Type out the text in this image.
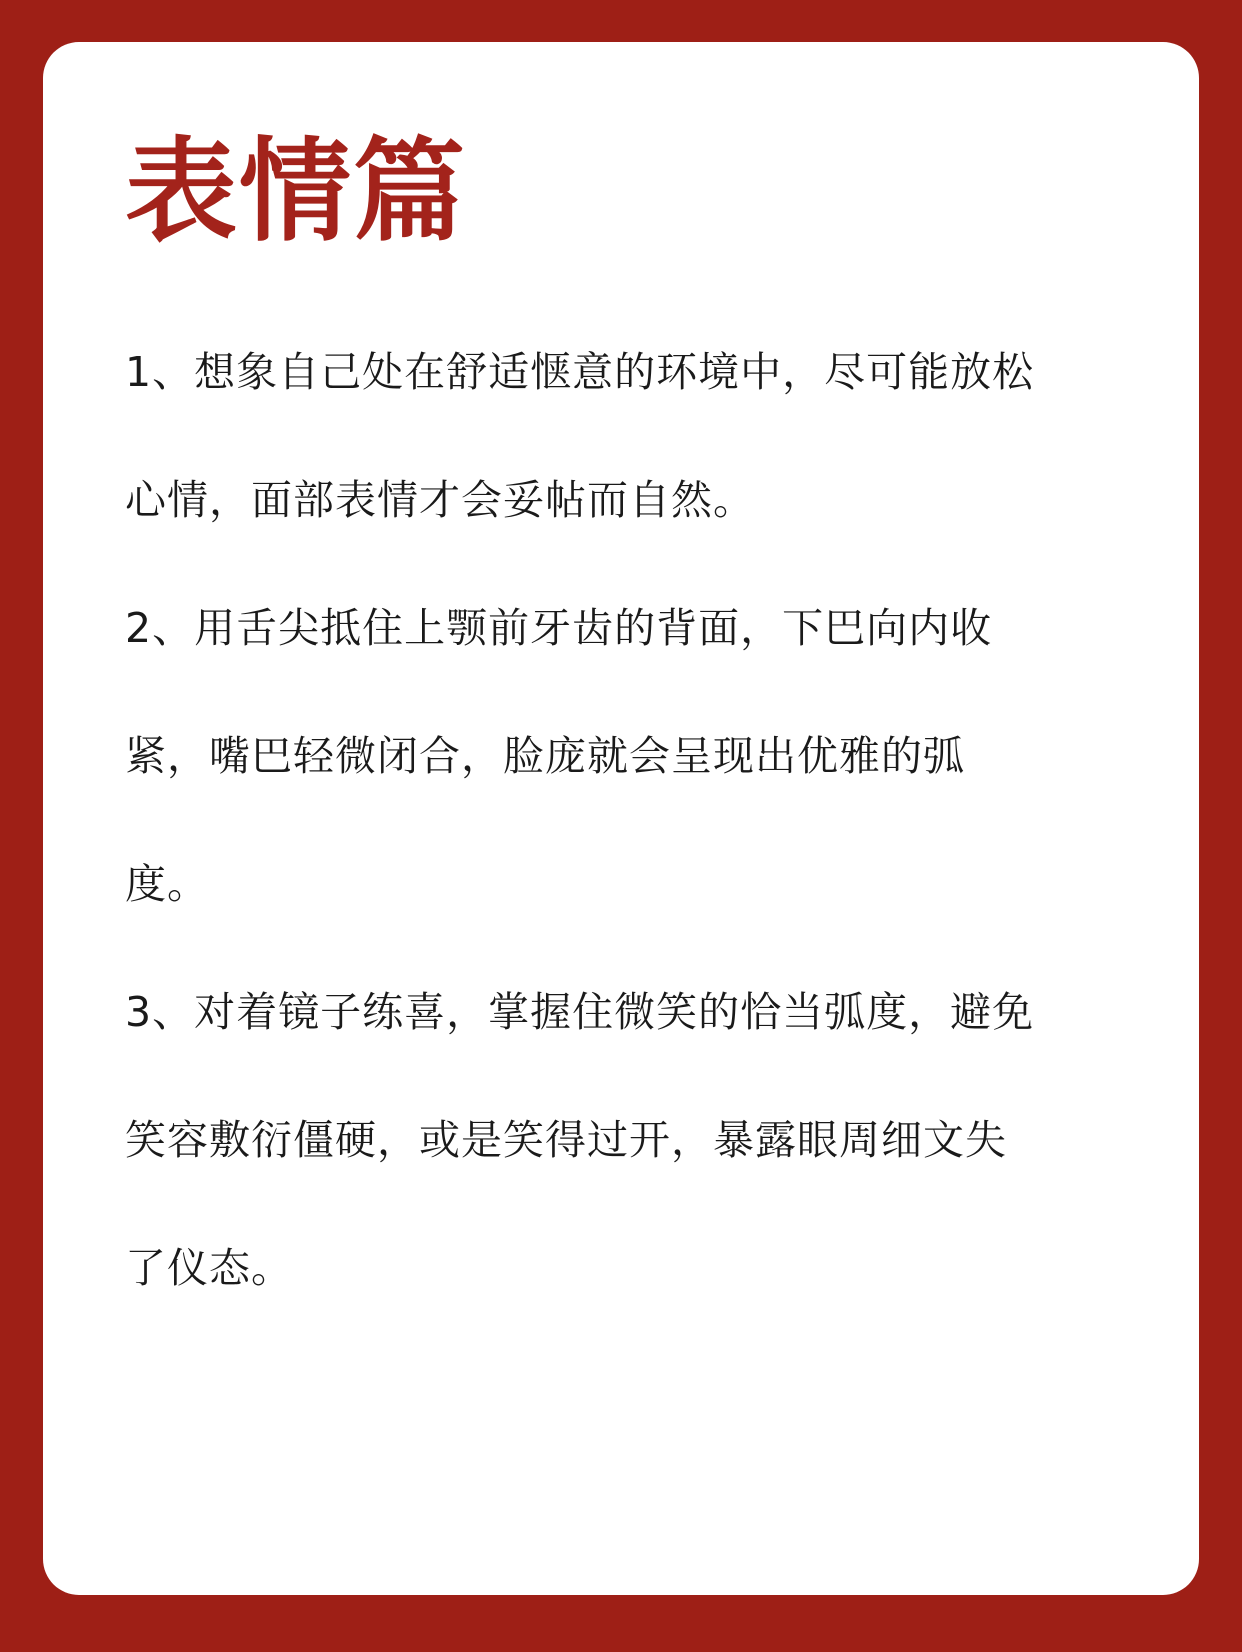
表情篇

1、想象自己处在舒适惬意的环境中，尽可能放松
心情，面部表情才会妥帖而自然。

2、用舌尖抵住上颚前牙齿的背面，下巴向内收
紧，嘴巴轻微闭合，脸庞就会呈现出优雅的弧
度。

3、对着镜子练喜，掌握住微笑的恰当弧度，避免
笑容敷衍僵硬，或是笑得过开，暴露眼周细文失
了仪态。
